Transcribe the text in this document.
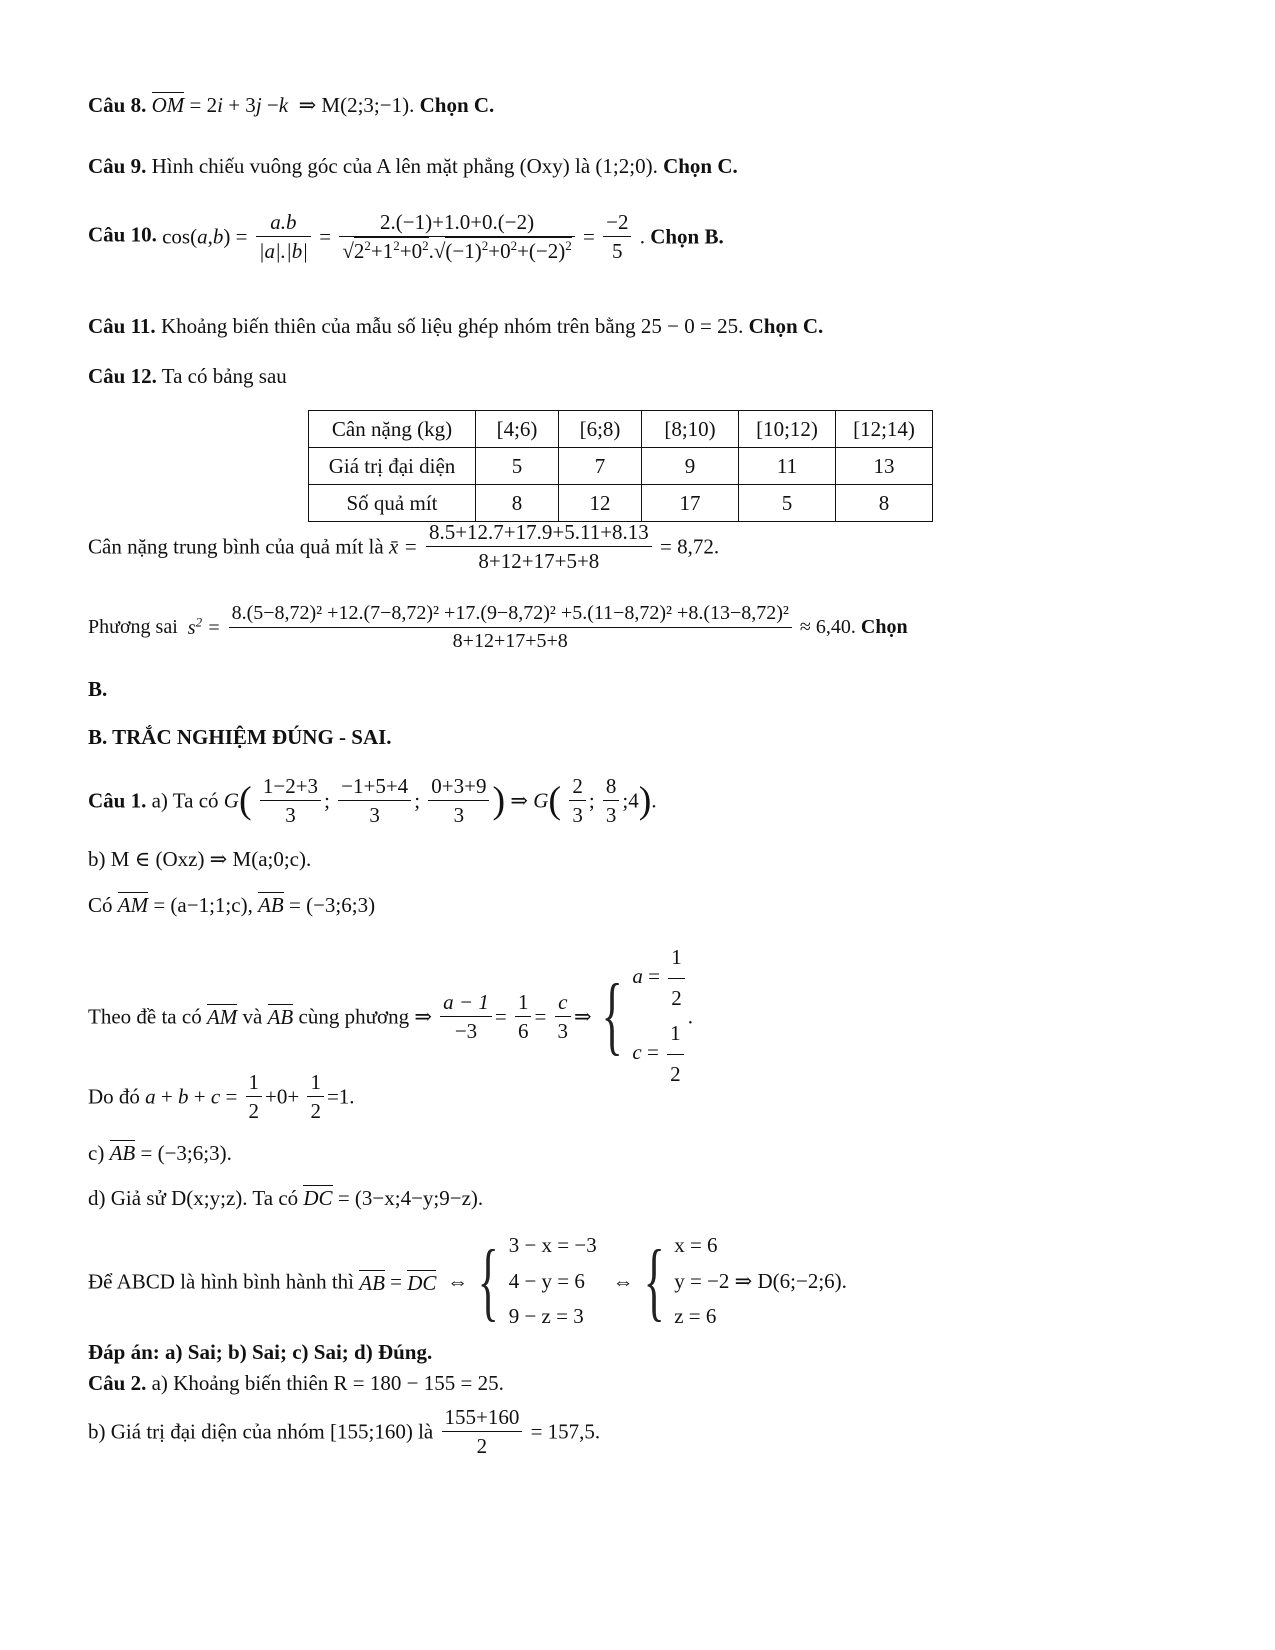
Câu 8. OM = 2i + 3j −k ⇒ M(2;3;−1). Chọn C.
Câu 9. Hình chiếu vuông góc của A lên mặt phẳng (Oxy) là (1;2;0). Chọn C.
Câu 10. $\cos(a,b) = \frac{a.b}{|a|.|b|} = \frac{2.(-1)+1.0+0.(-2)}{√2^2+1^2+0^2.√(-1)^2+0^2+(-2)^2} = \frac{-2}{5}$ . Chọn B.
Câu 11. Khoảng biến thiên của mẫu số liệu ghép nhóm trên bằng 25 − 0 = 25. Chọn C.
Câu 12. Ta có bảng sau
Cân nặng (kg)	[4;6)	[6;8)	[8;10)	[10;12)	[12;14)
Giá trị đại diện	5	7	9	11	13
Số quả mít	8	12	17	5	8
Cân nặng trung bình của quả mít là x̄ = $\frac{8.5+12.7+17.9+5.11+8.13}{8+12+17+5+8} = 8,72$.
Phương sai  $s^2$ =
8.(5−8,72)² +12.(7−8,72)² +17.(9−8,72)² +5.(11−8,72)² +8.(13−8,72)²
8+12+17+5+8
≈ 6,40. Chọn
B.
B. TRẮC NGHIỆM ĐÚNG - SAI.
Câu 1. a) Ta có $G( \frac{1-2+3}{3}$ ; $\frac{-1+5+4}{3}$ ; $\frac{0+3+9}{3}$ ) ⇒ $G( \frac{2}{3}$ ; $\frac{8}{3}$ ;4).
b) M ∈ (Oxz) ⇒ M(a;0;c).
Có AM = (a−1;1;c), AB = (−3;6;3)
Theo đề ta có AM và AB cùng phương ⇒ $\frac{a - 1}{-3} = \frac{1}{6} = \frac{c}{3}$ ⇒ { $a = \frac{1}{2}$
$c = \frac{1}{2}$
.
Do đó $a + b + c = \frac{1}{2} +0+ \frac{1}{2} =1$.
c) AB = (−3;6;3).
d) Giả sử D(x;y;z). Ta có DC = (3−x;4−y;9−z).
Để ABCD là hình bình hành thì AB = DC  ⇔ { 3 − x = −3
4 − y = 6
9 − z = 3
⇔ { x = 6
y = −2 ⇒ D(6;−2;6).
z = 6
Đáp án: a) Sai; b) Sai; c) Sai; d) Đúng.
Câu 2. a) Khoảng biến thiên R = 180 − 155 = 25.
b) Giá trị đại diện của nhóm [155;160) là $\frac{155+160}{2} = 157,5$.
